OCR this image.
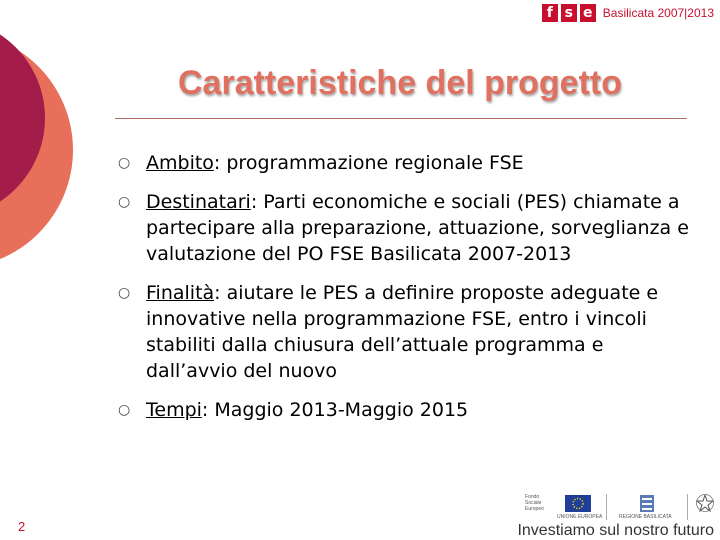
f s e Basilicata 2007|2013
Caratteristiche del progetto
○ Ambito: programmazione regionale FSE
○ Destinatari: Parti economiche e sociali (PES) chiamate a partecipare alla preparazione, attuazione, sorveglianza e valutazione del PO FSE Basilicata 2007-2013
○ Finalità: aiutare le PES a definire proposte adeguate e innovative nella programmazione FSE, entro i vincoli stabiliti dalla chiusura dell’attuale programma e dall’avvio del nuovo
○ Tempi: Maggio 2013-Maggio 2015
2
Fondo Sociale Europeo
UNIONE EUROPEA	REGIONE BASILICATA
Investiamo sul nostro futuro
